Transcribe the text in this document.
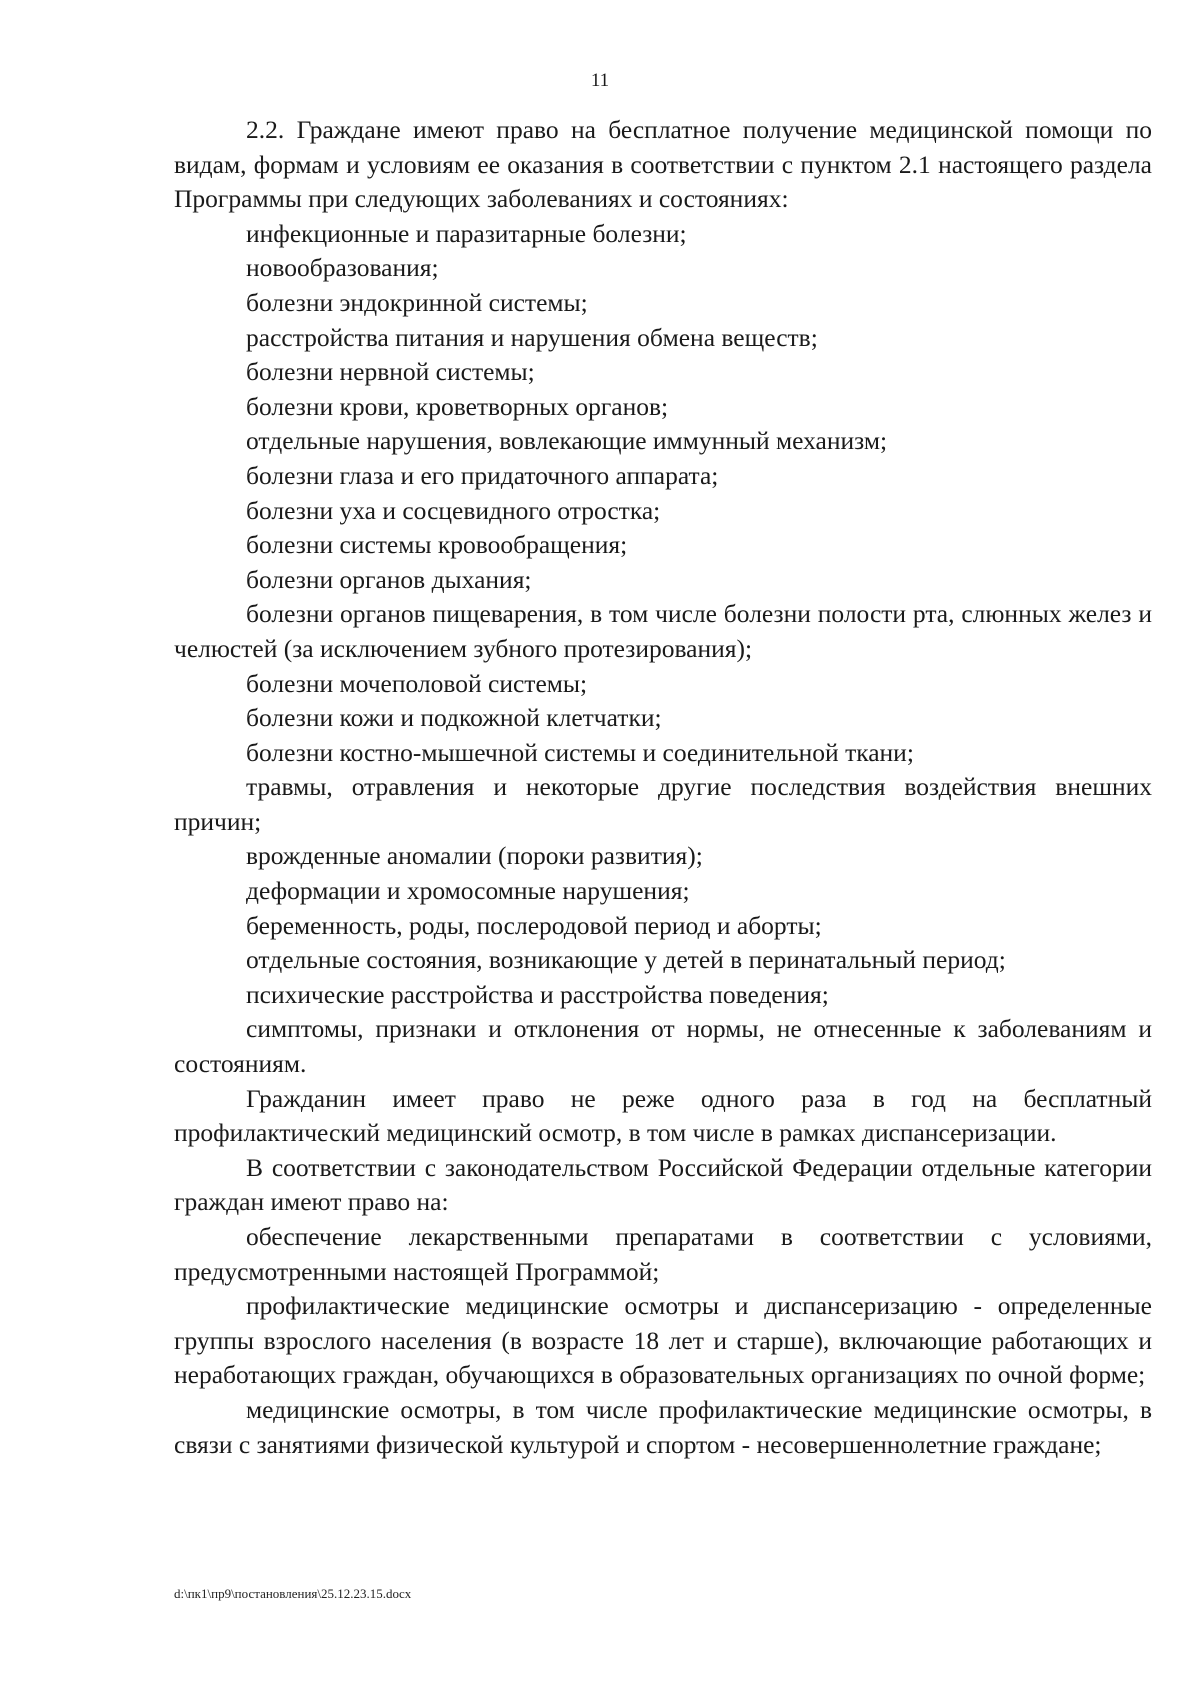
11

2.2. Граждане имеют право на бесплатное получение медицинской помощи по видам, формам и условиям ее оказания в соответствии с пунктом 2.1 настоящего раздела Программы при следующих заболеваниях и состояниях:

инфекционные и паразитарные болезни;

новообразования;

болезни эндокринной системы;

расстройства питания и нарушения обмена веществ;

болезни нервной системы;

болезни крови, кроветворных органов;

отдельные нарушения, вовлекающие иммунный механизм;

болезни глаза и его придаточного аппарата;

болезни уха и сосцевидного отростка;

болезни системы кровообращения;

болезни органов дыхания;

болезни органов пищеварения, в том числе болезни полости рта, слюнных желез и челюстей (за исключением зубного протезирования);

болезни мочеполовой системы;

болезни кожи и подкожной клетчатки;

болезни костно-мышечной системы и соединительной ткани;

травмы, отравления и некоторые другие последствия воздействия внешних причин;

врожденные аномалии (пороки развития);

деформации и хромосомные нарушения;

беременность, роды, послеродовой период и аборты;

отдельные состояния, возникающие у детей в перинатальный период;

психические расстройства и расстройства поведения;

симптомы, признаки и отклонения от нормы, не отнесенные к заболеваниям и состояниям.

Гражданин имеет право не реже одного раза в год на бесплатный профилактический медицинский осмотр, в том числе в рамках диспансеризации.

В соответствии с законодательством Российской Федерации отдельные категории граждан имеют право на:

обеспечение лекарственными препаратами в соответствии с условиями, предусмотренными настоящей Программой;

профилактические медицинские осмотры и диспансеризацию - определенные группы взрослого населения (в возрасте 18 лет и старше), включающие работающих и неработающих граждан, обучающихся в образовательных организациях по очной форме;

медицинские осмотры, в том числе профилактические медицинские осмотры, в связи с занятиями физической культурой и спортом - несовершеннолетние граждане;

d:\пк1\пр9\постановления\25.12.23.15.docx
